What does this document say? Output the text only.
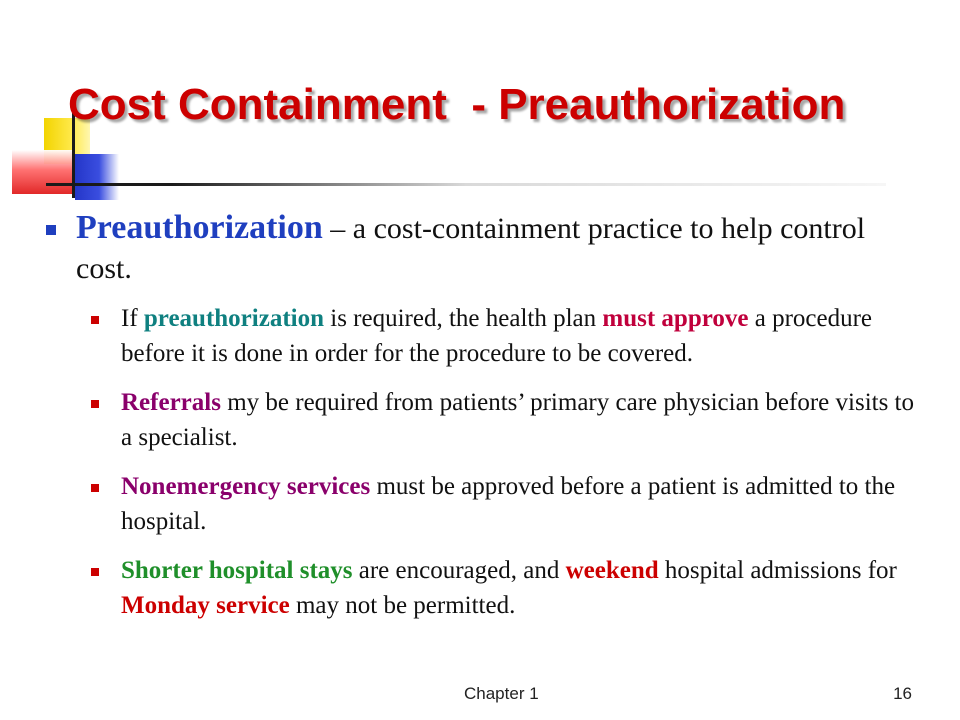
Cost Containment  - Preauthorization

Preauthorization – a cost-containment practice to help control cost.

If preauthorization is required, the health plan must approve a procedure before it is done in order for the procedure to be covered.

Referrals my be required from patients’ primary care physician before visits to a specialist.

Nonemergency services must be approved before a patient is admitted to the hospital.

Shorter hospital stays are encouraged, and weekend hospital admissions for Monday service may not be permitted.

Chapter 1	16
